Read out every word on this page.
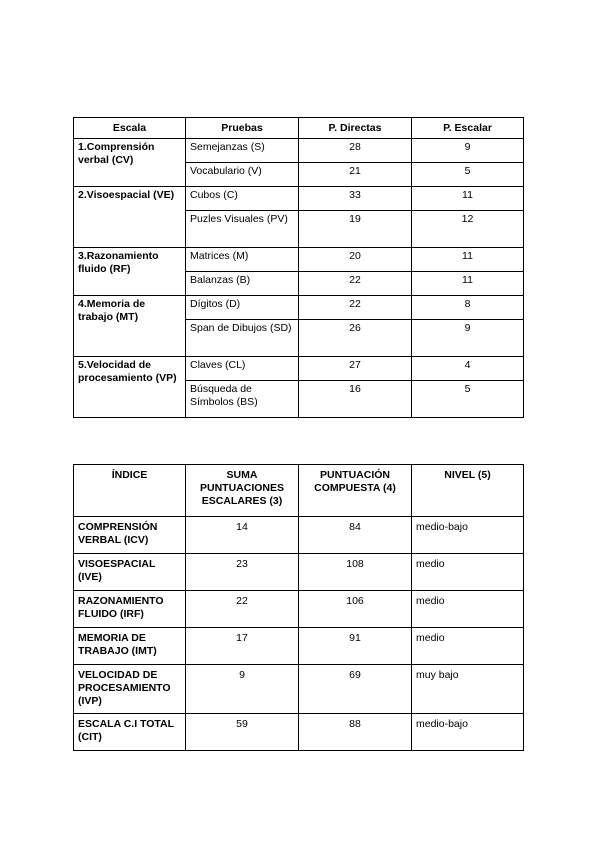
Escala	Pruebas	P. Directas	P. Escalar
1.Comprensión verbal (CV)	Semejanzas (S)	28	9
	Vocabulario (V)	21	5
2.Visoespacial (VE)	Cubos (C)	33	11
	Puzles Visuales (PV)	19	12
3.Razonamiento fluido (RF)	Matrices (M)	20	11
	Balanzas (B)	22	11
4.Memoria de trabajo (MT)	Dígitos (D)	22	8
	Span de Dibujos (SD)	26	9
5.Velocidad de procesamiento (VP)	Claves (CL)	27	4
	Búsqueda de Símbolos (BS)	16	5
ÍNDICE	SUMA PUNTUACIONES ESCALARES (3)	PUNTUACIÓN COMPUESTA (4)	NIVEL (5)
COMPRENSIÓN VERBAL (ICV)	14	84	medio-bajo
VISOESPACIAL (IVE)	23	108	medio
RAZONAMIENTO FLUIDO (IRF)	22	106	medio
MEMORIA DE TRABAJO (IMT)	17	91	medio
VELOCIDAD DE PROCESAMIENTO (IVP)	9	69	muy bajo
ESCALA C.I TOTAL (CIT)	59	88	medio-bajo
